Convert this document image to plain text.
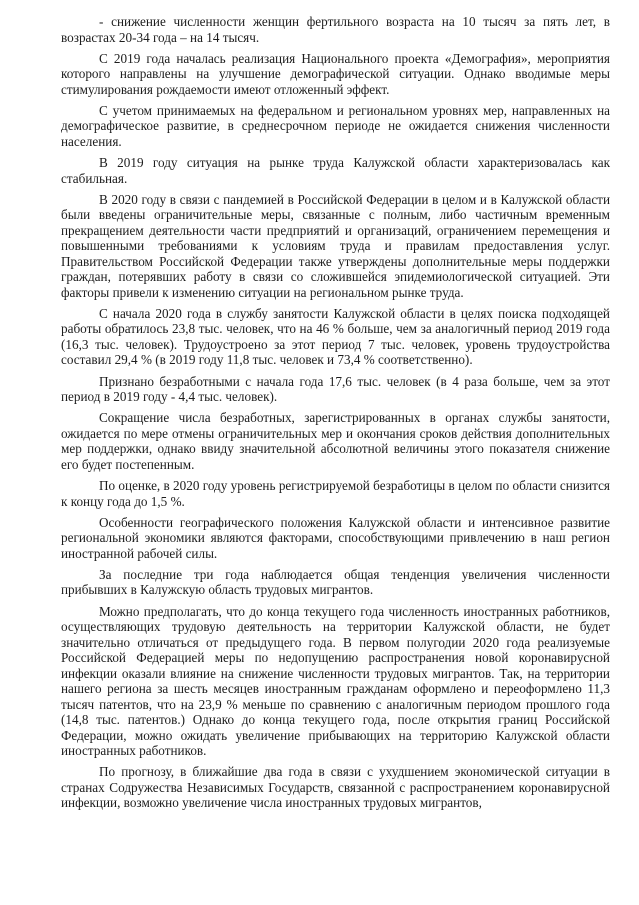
- снижение численности женщин фертильного возраста на 10 тысяч за пять лет, в возрастах 20-34 года – на 14 тысяч.

С 2019 года началась реализация Национального проекта «Демография», мероприятия которого направлены на улучшение демографической ситуации. Однако вводимые меры стимулирования рождаемости имеют отложенный эффект.

С учетом принимаемых на федеральном и региональном уровнях мер, направленных на демографическое развитие, в среднесрочном периоде не ожидается снижения численности населения.

В 2019 году ситуация на рынке труда Калужской области характеризовалась как стабильная.

В 2020 году в связи с пандемией в Российской Федерации в целом и в Калужской области были введены ограничительные меры, связанные с полным, либо частичным временным прекращением деятельности части предприятий и организаций, ограничением перемещения и повышенными требованиями к условиям труда и правилам предоставления услуг. Правительством Российской Федерации также утверждены дополнительные меры поддержки граждан, потерявших работу в связи со сложившейся эпидемиологической ситуацией. Эти факторы привели к изменению ситуации на региональном рынке труда.

С начала 2020 года в службу занятости Калужской области в целях поиска подходящей работы обратилось 23,8 тыс. человек, что на 46 % больше, чем за аналогичный период 2019 года (16,3 тыс. человек). Трудоустроено за этот период 7 тыс. человек, уровень трудоустройства составил 29,4 % (в 2019 году 11,8 тыс. человек и 73,4 % соответственно).

Признано безработными с начала года 17,6 тыс. человек (в 4 раза больше, чем за этот период в 2019 году - 4,4 тыс. человек).

Сокращение числа безработных, зарегистрированных в органах службы занятости, ожидается по мере отмены ограничительных мер и окончания сроков действия дополнительных мер поддержки, однако ввиду значительной абсолютной величины этого показателя снижение его будет постепенным.

По оценке, в 2020 году уровень регистрируемой безработицы в целом по области снизится к концу года до 1,5 %.

Особенности географического положения Калужской области и интенсивное развитие региональной экономики являются факторами, способствующими привлечению в наш регион иностранной рабочей силы.

За последние три года наблюдается общая тенденция увеличения численности прибывших в Калужскую область трудовых мигрантов.

Можно предполагать, что до конца текущего года численность иностранных работников, осуществляющих трудовую деятельность на территории Калужской области, не будет значительно отличаться от предыдущего года. В первом полугодии 2020 года реализуемые Российской Федерацией меры по недопущению распространения новой коронавирусной инфекции оказали влияние на снижение численности трудовых мигрантов. Так, на территории нашего региона за шесть месяцев иностранным гражданам оформлено и переоформлено 11,3 тысяч патентов, что на 23,9 % меньше по сравнению с аналогичным периодом прошлого года (14,8 тыс. патентов.) Однако до конца текущего года, после открытия границ Российской Федерации, можно ожидать увеличение прибывающих на территорию Калужской области иностранных работников.

По прогнозу, в ближайшие два года в связи с ухудшением экономической ситуации в странах Содружества Независимых Государств, связанной с распространением коронавирусной инфекции, возможно увеличение числа иностранных трудовых мигрантов,
